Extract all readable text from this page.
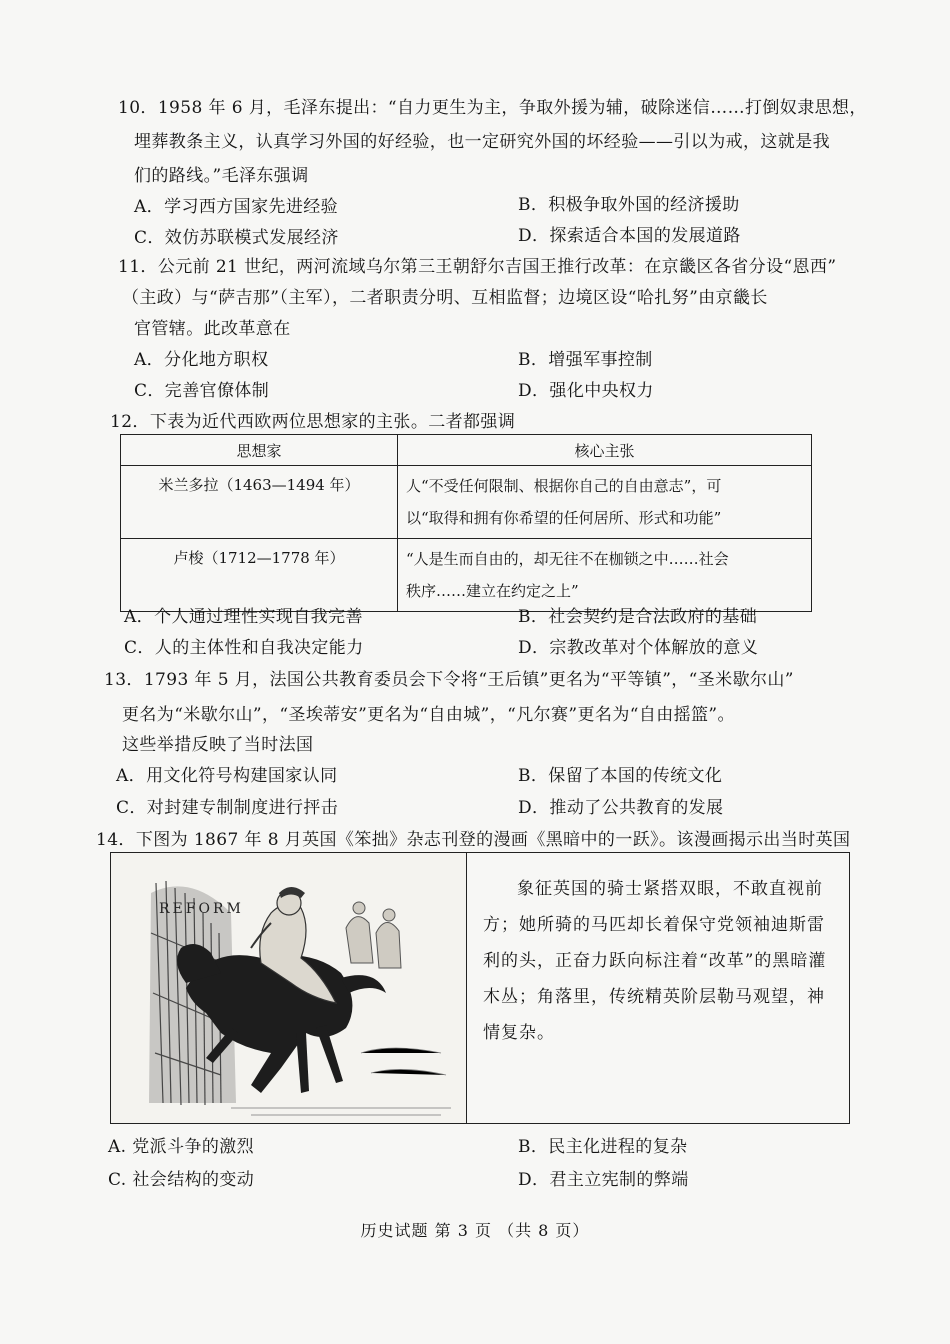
10．1958 年 6 月，毛泽东提出：“自力更生为主，争取外援为辅，破除迷信……打倒奴隶思想，
埋葬教条主义，认真学习外国的好经验，也一定研究外国的坏经验——引以为戒，这就是我
们的路线。”毛泽东强调
A．学习西方国家先进经验	B．积极争取外国的经济援助
C．效仿苏联模式发展经济	D．探索适合本国的发展道路
11．公元前 21 世纪，两河流域乌尔第三王朝舒尔吉国王推行改革：在京畿区各省分设“恩西”
（主政）与“萨吉那”（主军），二者职责分明、互相监督；边境区设“哈扎努”由京畿长
官管辖。此改革意在
A．分化地方职权	B．增强军事控制
C．完善官僚体制	D．强化中央权力
12．下表为近代西欧两位思想家的主张。二者都强调
思想家	核心主张
米兰多拉（1463—1494 年）	人“不受任何限制、根据你自己的自由意志”，可
以“取得和拥有你希望的任何居所、形式和功能”

卢梭（1712—1778 年）	“人是生而自由的，却无往不在枷锁之中……社会
秩序……建立在约定之上”
A．个人通过理性实现自我完善	B．社会契约是合法政府的基础
C．人的主体性和自我决定能力	D．宗教改革对个体解放的意义
13．1793 年 5 月，法国公共教育委员会下令将“王后镇”更名为“平等镇”，“圣米歇尔山”
更名为“米歇尔山”，“圣埃蒂安”更名为“自由城”，“凡尔赛”更名为“自由摇篮”。
这些举措反映了当时法国
A．用文化符号构建国家认同	B．保留了本国的传统文化
C．对封建专制制度进行抨击	D．推动了公共教育的发展
14．下图为 1867 年 8 月英国《笨拙》杂志刊登的漫画《黑暗中的一跃》。该漫画揭示出当时英国
REFORM
象征英国的骑士紧搭双眼，不敢直视前方；她所骑的马匹却长着保守党领袖迪斯雷利的头，正奋力跃向标注着“改革”的黑暗灌木丛；角落里，传统精英阶层勒马观望，神情复杂。
A. 党派斗争的激烈	B．民主化进程的复杂
C. 社会结构的变动	D．君主立宪制的弊端
历史试题 第 3 页 （共 8 页）
